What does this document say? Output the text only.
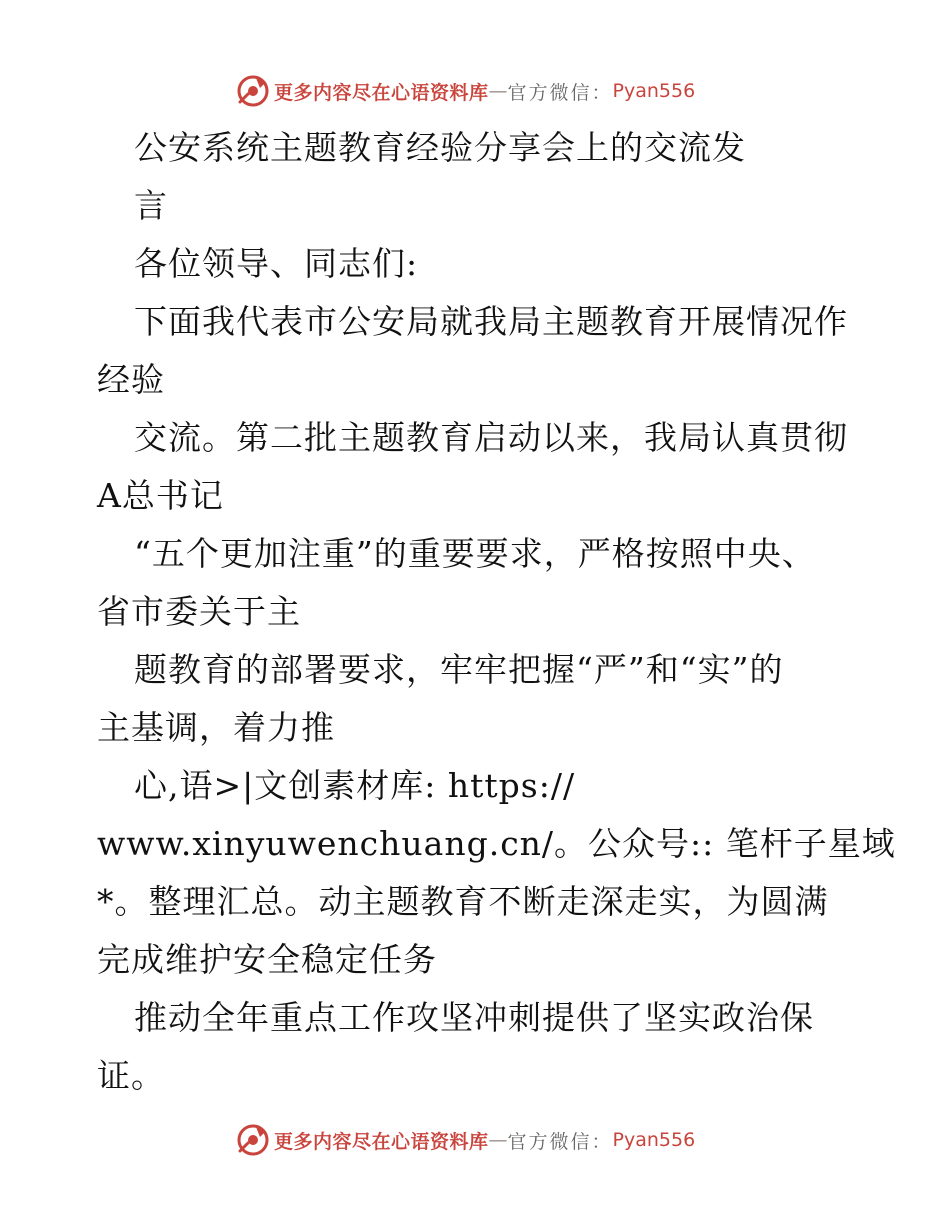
更多内容尽在心语资料库 — 官方微信： Pyan556
公安系统主题教育经验分享会上的交流发
言
各位领导、同志们:
下面我代表市公安局就我局主题教育开展情况作
经验
交流。第二批主题教育启动以来，我局认真贯彻
A总书记
“五个更加注重”的重要要求，严格按照中央、
省市委关于主
题教育的部署要求，牢牢把握“严”和“实”的
主基调，着力推
心,语>|文创素材库: https://
www.xinyuwenchuang.cn/。公众号:: 笔杆子星域
*。整理汇总。动主题教育不断走深走实，为圆满
完成维护安全稳定任务
推动全年重点工作攻坚冲刺提供了坚实政治保
证。
更多内容尽在心语资料库 — 官方微信： Pyan556
